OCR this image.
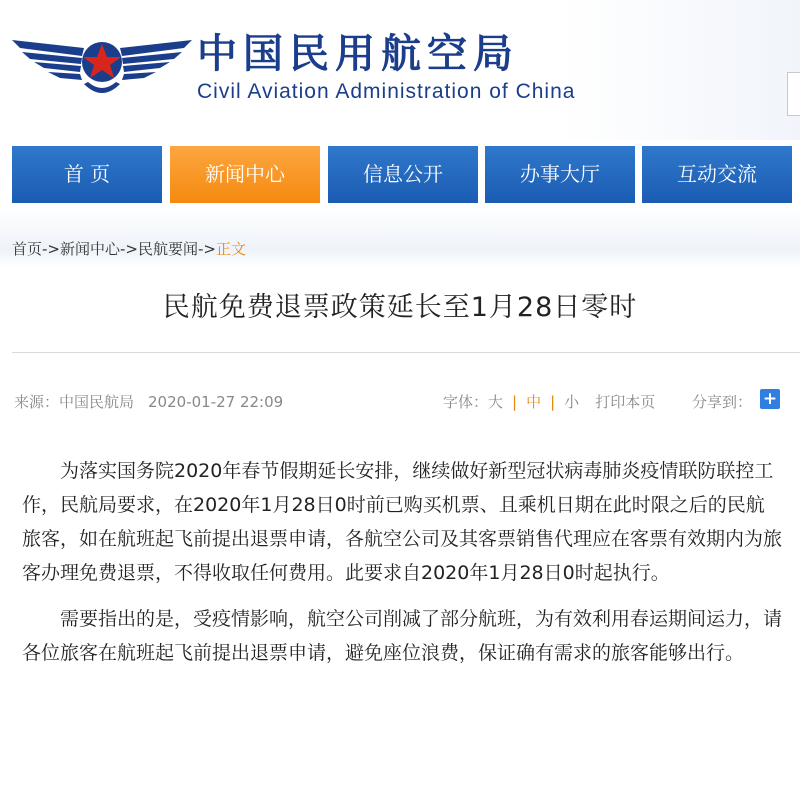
中国民用航空局
Civil Aviation Administration of China
首 页	新闻中心	信息公开	办事大厅	互动交流
首页->新闻中心->民航要闻->正文
民航免费退票政策延长至1月28日零时
来源：中国民航局 2020-01-27 22:09	字体：大 | 中 | 小 打印本页 分享到： +

为落实国务院2020年春节假期延长安排，继续做好新型冠状病毒肺炎疫情联防联控工作，民航局要求，在2020年1月28日0时前已购买机票、且乘机日期在此时限之后的民航旅客，如在航班起飞前提出退票申请，各航空公司及其客票销售代理应在客票有效期内为旅客办理免费退票，不得收取任何费用。此要求自2020年1月28日0时起执行。

需要指出的是，受疫情影响，航空公司削减了部分航班，为有效利用春运期间运力，请各位旅客在航班起飞前提出退票申请，避免座位浪费，保证确有需求的旅客能够出行。
